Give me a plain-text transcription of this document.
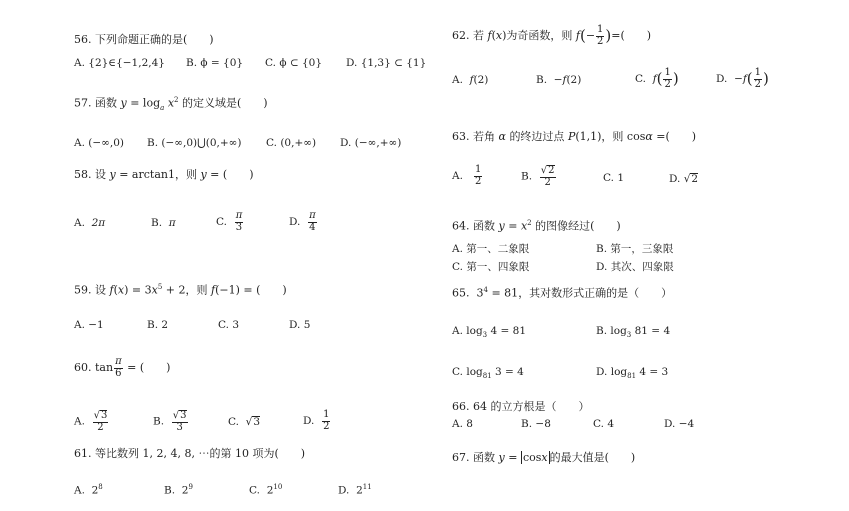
56. 下列命题正确的是(　　)
A. {2}∈{−1,2,4} B. ϕ = {0} C. ϕ ⊂ {0} D. {1,3} ⊂ {1}
57. 函数 $y = \log_a x^2$ 的定义域是(　　)
A. (−∞,0) B. (−∞,0)⋃(0,+∞) C. (0,+∞) D. (−∞,+∞)
58. 设 y = arctan1，则 y = (　　)
A. 2π	B. π	C. $\frac{\pi}{3}$	D. $\frac{\pi}{4}$
59. 设 $f(x) = 3x^5 + 2$，则 f(−1) = (　　)
A. −1	B. 2	C. 3	D. 5
60. $\tan \frac{\pi}{6}$ = (　　)
A. $\frac{√3}{2}$	B. $\frac{√3}{3}$	C.  √3	D. $\frac{1}{2}$
61. 等比数列 1, 2, 4, 8, ⋯的第 10 项为(　　)
A. $2^8$	B. $2^9$	C. $2^{10}$	D. $2^{11}$
62. 若 f(x)为奇函数，则 $f(- \frac{1}{2}$ )=(　　)
A. f(2)	B.  −f(2)	C. $f( \frac{1}{2}$ )	D.  $-f( \frac{1}{2}$ )
63. 若角 α 的终边过点 P(1,1)，则 cosα =(　　)
A. $\frac{1}{2}$	B. $\frac{√2}{2}$	C. 1	D. √2
64. 函数 $y = x^2$ 的图像经过(　　)
A. 第一、二象限	B. 第一，三象限
C. 第一、四象限	D. 其次、四象限
65.  $3^4 = 81$，其对数形式正确的是（　　）
A. $\log_3 4 = 81$	B. $\log_3 81 = 4$
C. $\log_{81} 3 = 4$	D. $\log_{81} 4 = 3$
66. 64 的立方根是（　　）
A. 8	B. −8	C. 4	D. −4
67. 函数 y = cosx 的最大值是(　　)
